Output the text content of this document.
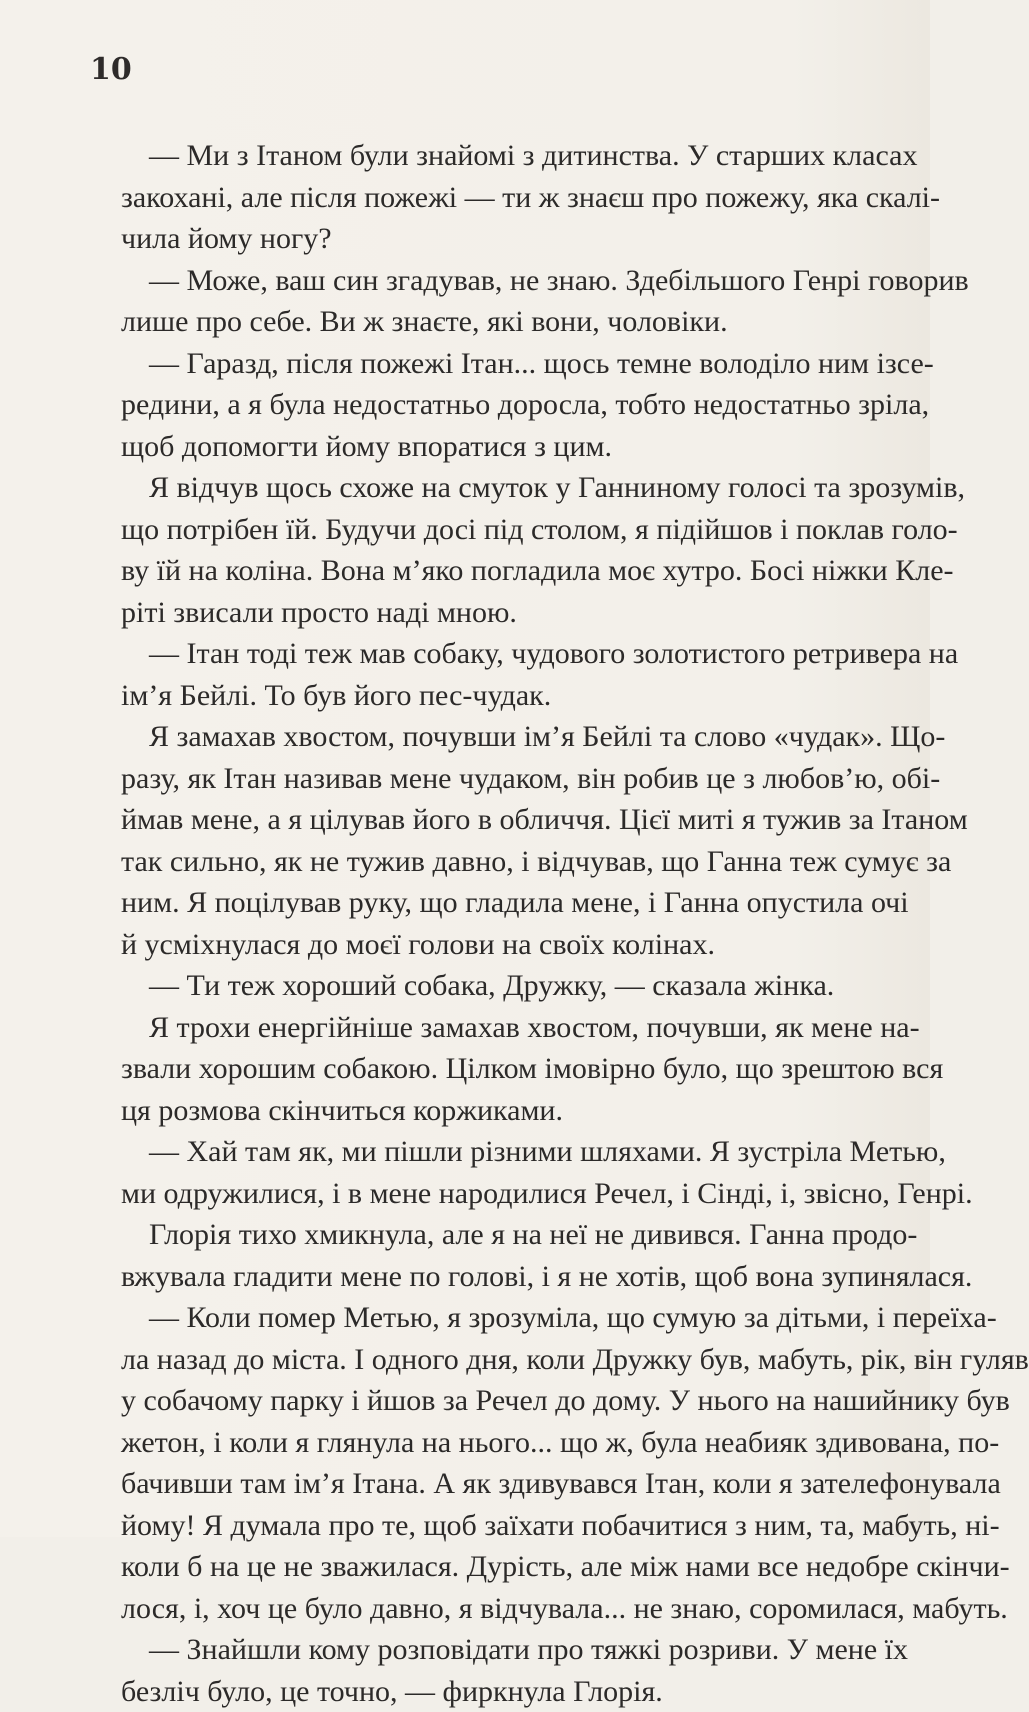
10
— Ми з Ітаном були знайомі з дитинства. У старших класах
закохані, але після пожежі — ти ж знаєш про пожежу, яка скалі-
чила йому ногу?
— Може, ваш син згадував, не знаю. Здебільшого Генрі говорив
лише про себе. Ви ж знаєте, які вони, чоловіки.
— Гаразд, після пожежі Ітан... щось темне володіло ним ізсе-
редини, а я була недостатньо доросла, тобто недостатньо зріла,
щоб допомогти йому впоратися з цим.
Я відчув щось схоже на смуток у Ганниному голосі та зрозумів,
що потрібен їй. Будучи досі під столом, я підійшов і поклав голо-
ву їй на коліна. Вона м’яко погладила моє хутро. Босі ніжки Кле-
ріті звисали просто наді мною.
— Ітан тоді теж мав собаку, чудового золотистого ретривера на
ім’я Бейлі. То був його пес-чудак.
Я замахав хвостом, почувши ім’я Бейлі та слово «чудак». Що-
разу, як Ітан називав мене чудаком, він робив це з любов’ю, обі-
ймав мене, а я цілував його в обличчя. Цієї миті я тужив за Ітаном
так сильно, як не тужив давно, і відчував, що Ганна теж сумує за
ним. Я поцілував руку, що гладила мене, і Ганна опустила очі
й усміхнулася до моєї голови на своїх колінах.
— Ти теж хороший собака, Дружку, — сказала жінка.
Я трохи енергійніше замахав хвостом, почувши, як мене на-
звали хорошим собакою. Цілком імовірно було, що зрештою вся
ця розмова скінчиться коржиками.
— Хай там як, ми пішли різними шляхами. Я зустріла Метью,
ми одружилися, і в мене народилися Речел, і Сінді, і, звісно, Генрі.
Глорія тихо хмикнула, але я на неї не дивився. Ганна продо-
вжувала гладити мене по голові, і я не хотів, щоб вона зупинялася.
— Коли помер Метью, я зрозуміла, що сумую за дітьми, і переїха-
ла назад до міста. І одного дня, коли Дружку був, мабуть, рік, він гуляв
у собачому парку і йшов за Речел до дому. У нього на нашийнику був
жетон, і коли я глянула на нього... що ж, була неабияк здивована, по-
бачивши там ім’я Ітана. А як здивувався Ітан, коли я зателефонувала
йому! Я думала про те, щоб заїхати побачитися з ним, та, мабуть, ні-
коли б на це не зважилася. Дурість, але між нами все недобре скінчи-
лося, і, хоч це було давно, я відчувала... не знаю, соромилася, мабуть.
— Знайшли кому розповідати про тяжкі розриви. У мене їх
безліч було, це точно, — фиркнула Глорія.
